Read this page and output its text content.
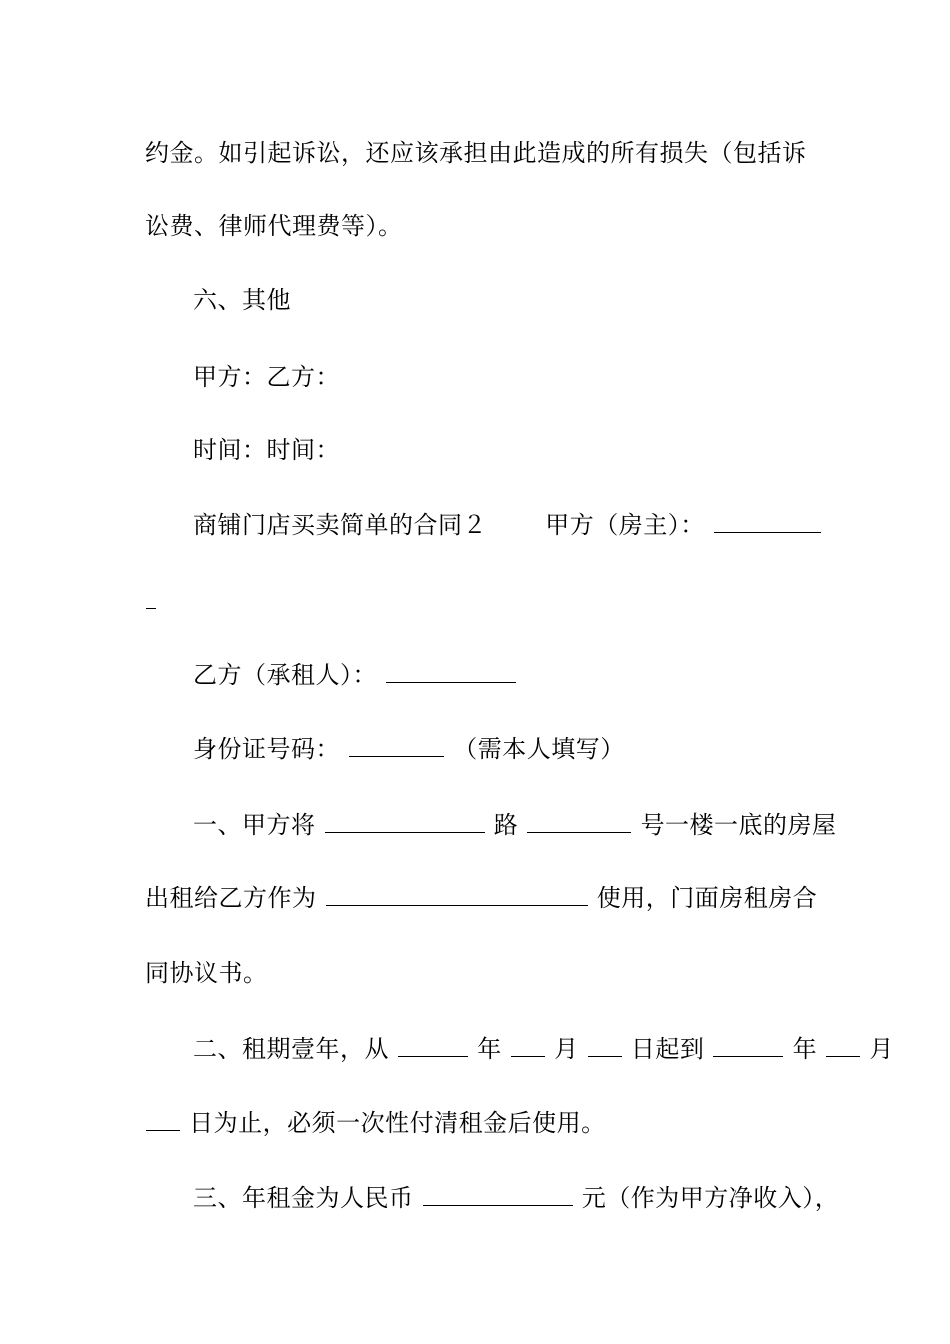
约金。如引起诉讼，还应该承担由此造成的所有损失（包括诉
讼费、律师代理费等）。
六、其他
甲方：乙方：
时间：时间：
商铺门店买卖简单的合同２ 甲方（房主）：
乙方（承租人）：
身份证号码：	（需本人填写）
一、甲方将	路	号一楼一底的房屋
出租给乙方作为	使用，门面房租房合
同协议书。
二、租期壹年，从	年 月 日起到	年 月
日为止，必须一次性付清租金后使用。
三、年租金为人民币	元（作为甲方净收入），
